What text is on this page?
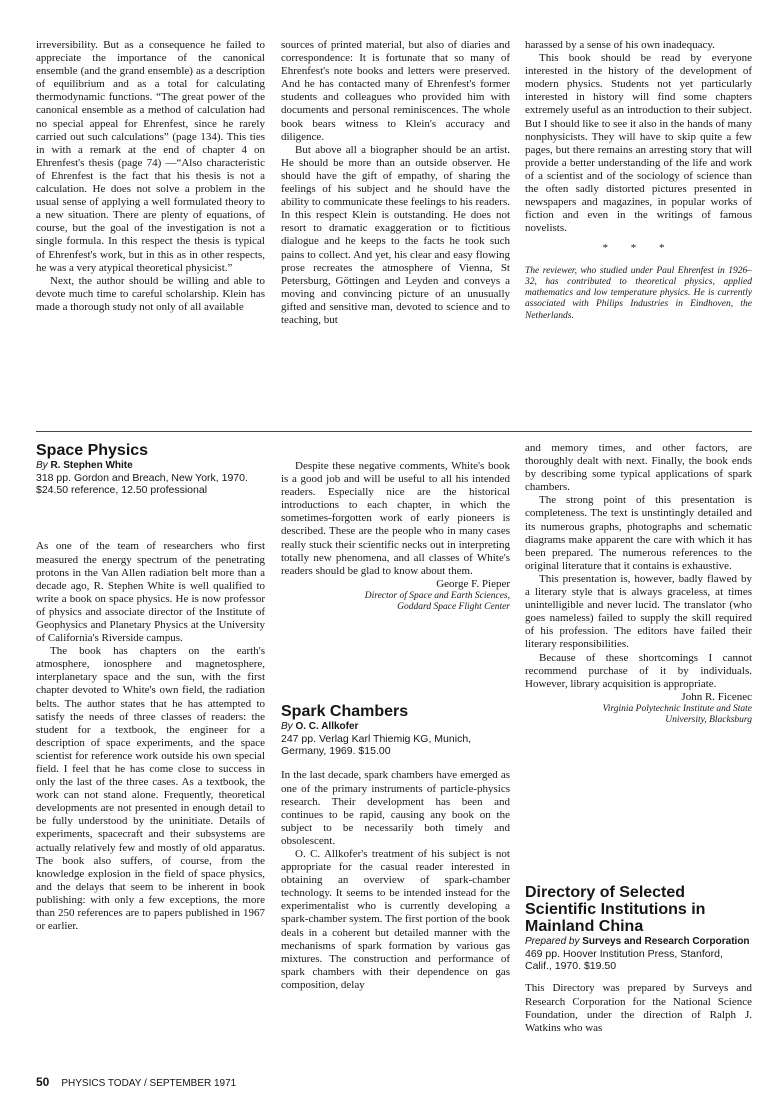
irreversibility. But as a consequence he failed to appreciate the importance of the canonical ensemble (and the grand ensemble) as a description of equilibrium and as a total for calculating thermodynamic functions. “The great power of the canonical ensemble as a method of calculation had no special appeal for Ehrenfest, since he rarely carried out such calculations” (page 134). This ties in with a remark at the end of chapter 4 on Ehrenfest's thesis (page 74) —“Also characteristic of Ehrenfest is the fact that his thesis is not a calculation. He does not solve a problem in the usual sense of applying a well formulated theory to a new situation. There are plenty of equations, of course, but the goal of the investigation is not a single formula. In this respect the thesis is typical of Ehrenfest's work, but in this as in other respects, he was a very atypical theoretical physicist.”

Next, the author should be willing and able to devote much time to careful scholarship. Klein has made a thorough study not only of all available

sources of printed material, but also of diaries and correspondence: It is fortunate that so many of Ehrenfest's note books and letters were preserved. And he has contacted many of Ehrenfest's former students and colleagues who provided him with documents and personal reminiscences. The whole book bears witness to Klein's accuracy and diligence.

But above all a biographer should be an artist. He should be more than an outside observer. He should have the gift of empathy, of sharing the feelings of his subject and he should have the ability to communicate these feelings to his readers. In this respect Klein is outstanding. He does not resort to dramatic exaggeration or to fictitious dialogue and he keeps to the facts he took such pains to collect. And yet, his clear and easy flowing prose recreates the atmosphere of Vienna, St Petersburg, Göttingen and Leyden and conveys a moving and convincing picture of an unusually gifted and sensitive man, devoted to science and to teaching, but

harassed by a sense of his own inadequacy.

This book should be read by everyone interested in the history of the development of modern physics. Students not yet particularly interested in history will find some chapters extremely useful as an introduction to their subject. But I should like to see it also in the hands of many nonphysicists. They will have to skip quite a few pages, but there remains an arresting story that will provide a better understanding of the life and work of a scientist and of the sociology of science than the often sadly distorted pictures presented in newspapers and magazines, in popular works of fiction and even in the writings of famous novelists.

* * *

The reviewer, who studied under Paul Ehrenfest in 1926–32, has contributed to theoretical physics, applied mathematics and low temperature physics. He is currently associated with Philips Industries in Eindhoven, the Netherlands.

Space Physics
By R. Stephen White

318 pp. Gordon and Breach, New York, 1970. $24.50 reference, 12.50 professional

As one of the team of researchers who first measured the energy spectrum of the penetrating protons in the Van Allen radiation belt more than a decade ago, R. Stephen White is well qualified to write a book on space physics. He is now professor of physics and associate director of the Institute of Geophysics and Planetary Physics at the University of California's Riverside campus.

The book has chapters on the earth's atmosphere, ionosphere and magnetosphere, interplanetary space and the sun, with the first chapter devoted to White's own field, the radiation belts. The author states that he has attempted to satisfy the needs of three classes of readers: the student for a textbook, the engineer for a description of space experiments, and the space scientist for reference work outside his own special field. I feel that he has come close to success in only the last of the three cases. As a textbook, the work can not stand alone. Frequently, theoretical developments are not presented in enough detail to be fully understood by the uninitiate. Details of experiments, spacecraft and their subsystems are actually relatively few and mostly of old apparatus. The book also suffers, of course, from the knowledge explosion in the field of space physics, and the delays that seem to be inherent in book publishing: with only a few exceptions, the more than 250 references are to papers published in 1967 or earlier.

Despite these negative comments, White's book is a good job and will be useful to all his intended readers. Especially nice are the historical introductions to each chapter, in which the sometimes-forgotten work of early pioneers is described. These are the people who in many cases really stuck their scientific necks out in interpreting totally new phenomena, and all classes of White's readers should be glad to know about them.

George F. Pieper
Director of Space and Earth Sciences,
Goddard Space Flight Center
Spark Chambers
By O. C. Allkofer

247 pp. Verlag Karl Thiemig KG, Munich, Germany, 1969. $15.00

In the last decade, spark chambers have emerged as one of the primary instruments of particle-physics research. Their development has been and continues to be rapid, causing any book on the subject to be necessarily both timely and obsolescent.

O. C. Allkofer's treatment of his subject is not appropriate for the casual reader interested in obtaining an overview of spark-chamber technology. It seems to be intended instead for the experimentalist who is currently developing a spark-chamber system. The first portion of the book deals in a coherent but detailed manner with the mechanisms of spark formation by various gas mixtures. The construction and performance of spark chambers with their dependence on gas composition, delay

and memory times, and other factors, are thoroughly dealt with next. Finally, the book ends by describing some typical applications of spark chambers.

The strong point of this presentation is completeness. The text is unstintingly detailed and its numerous graphs, photographs and schematic diagrams make apparent the care with which it has been prepared. The numerous references to the original literature that it contains is exhaustive.

This presentation is, however, badly flawed by a literary style that is always graceless, at times unintelligible and never lucid. The translator (who goes nameless) failed to supply the skill required of his profession. The editors have failed their literary responsibilities.

Because of these shortcomings I cannot recommend purchase of it by individuals. However, library acquisition is appropriate.

John R. Ficenec
Virginia Polytechnic Institute and State
University, Blacksburg
Directory of Selected
Scientific Institutions in
Mainland China
Prepared by Surveys and Research Corporation

469 pp. Hoover Institution Press, Stanford, Calif., 1970. $19.50

This Directory was prepared by Surveys and Research Corporation for the National Science Foundation, under the direction of Ralph J. Watkins who was

50 PHYSICS TODAY / SEPTEMBER 1971
